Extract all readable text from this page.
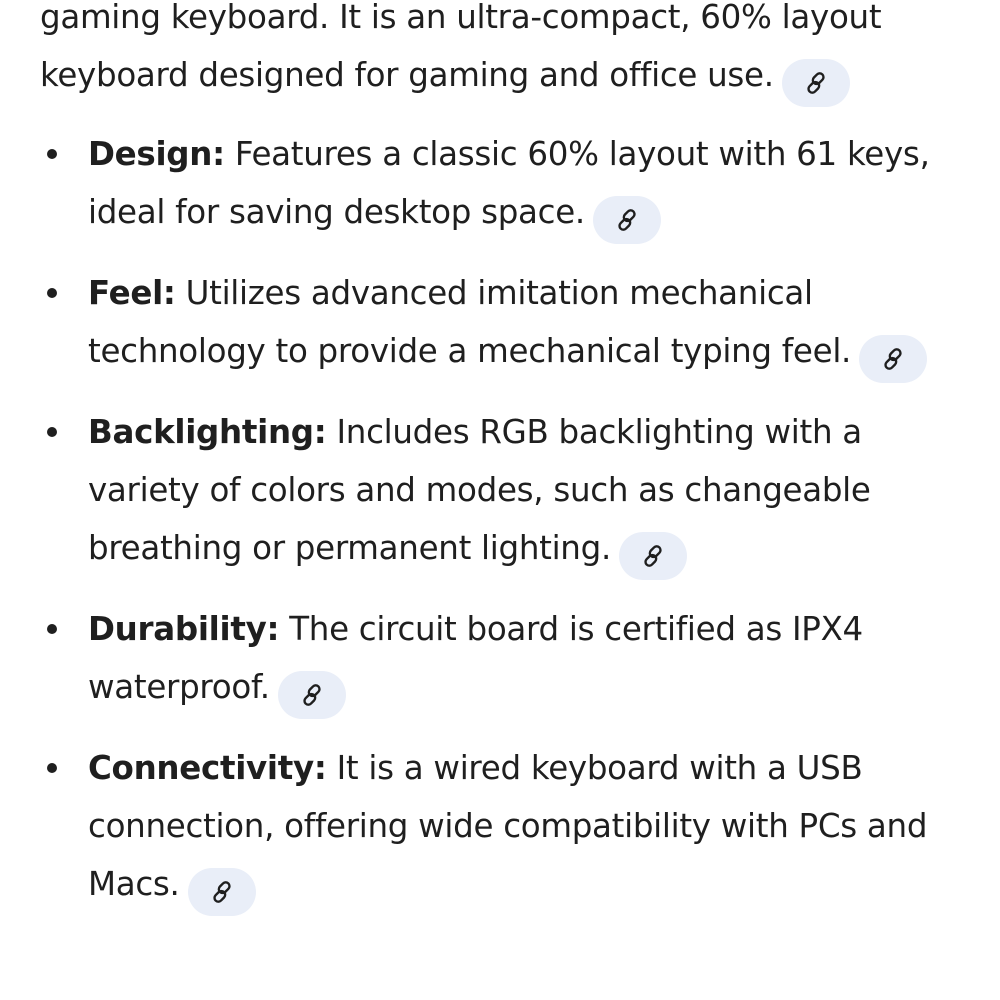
gaming keyboard. It is an ultra-compact, 60% layout keyboard designed for gaming and office use.

Design: Features a classic 60% layout with 61 keys, ideal for saving desktop space.
Feel: Utilizes advanced imitation mechanical technology to provide a mechanical typing feel.
Backlighting: Includes RGB backlighting with a variety of colors and modes, such as changeable breathing or permanent lighting.
Durability: The circuit board is certified as IPX4 waterproof.
Connectivity: It is a wired keyboard with a USB connection, offering wide compatibility with PCs and Macs.
